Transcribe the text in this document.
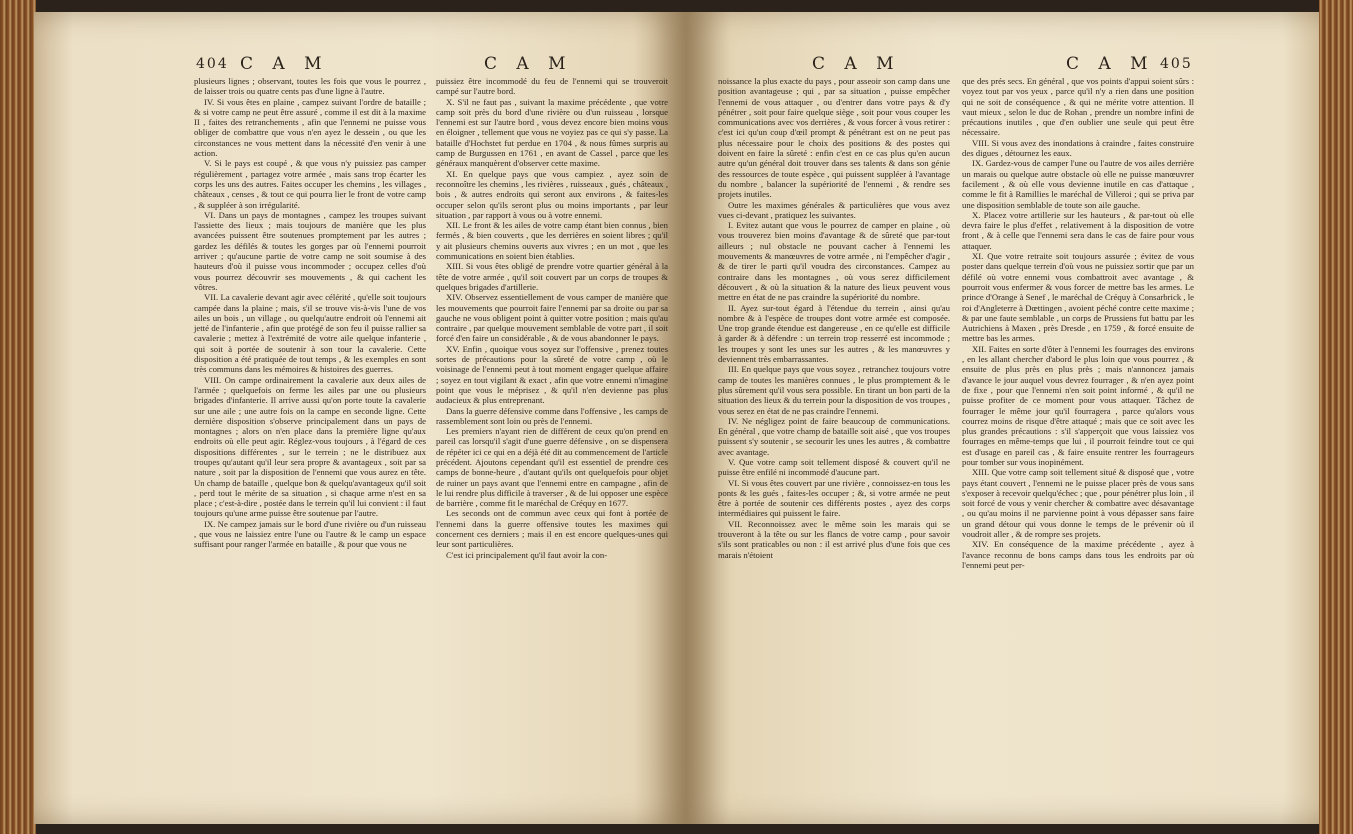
404 C A M	C A M

plusieurs lignes ; observant, toutes les fois que vous le pourrez , de laisser trois ou quatre cents pas d'une ligne à l'autre.

IV. Si vous êtes en plaine , campez suivant l'ordre de bataille ; & si votre camp ne peut être assuré , comme il est dit à la maxime II , faites des retranchements , afin que l'ennemi ne puisse vous obliger de combattre que vous n'en ayez le dessein , ou que les circonstances ne vous mettent dans la nécessité d'en venir à une action.

V. Si le pays est coupé , & que vous n'y puissiez pas camper régulièrement , partagez votre armée , mais sans trop écarter les corps les uns des autres. Faites occuper les chemins , les villages , châteaux , censes , & tout ce qui pourra lier le front de votre camp , & suppléer à son irrégularité.

VI. Dans un pays de montagnes , campez les troupes suivant l'assiette des lieux ; mais toujours de manière que les plus avancées puissent être soutenues promptement par les autres ; gardez les défilés & toutes les gorges par où l'ennemi pourroit arriver ; qu'aucune partie de votre camp ne soit soumise à des hauteurs d'où il puisse vous incommoder ; occupez celles d'où vous pourrez découvrir ses mouvements , & qui cachent les vôtres.

VII. La cavalerie devant agir avec célérité , qu'elle soit toujours campée dans la plaine ; mais, s'il se trouve vis-à-vis l'une de vos ailes un bois , un village , ou quelqu'autre endroit où l'ennemi ait jetté de l'infanterie , afin que protégé de son feu il puisse rallier sa cavalerie ; mettez à l'extrémité de votre aile quelque infanterie , qui soit à portée de soutenir à son tour la cavalerie. Cette disposition a été pratiquée de tout temps , & les exemples en sont très communs dans les mémoires & histoires des guerres.

VIII. On campe ordinairement la cavalerie aux deux ailes de l'armée ; quelquefois on ferme les ailes par une ou plusieurs brigades d'infanterie. Il arrive aussi qu'on porte toute la cavalerie sur une aile ; une autre fois on la campe en seconde ligne. Cette dernière disposition s'observe principalement dans un pays de montagnes ; alors on n'en place dans la première ligne qu'aux endroits où elle peut agir. Réglez-vous toujours , à l'égard de ces dispositions différentes , sur le terrein ; ne le distribuez aux troupes qu'autant qu'il leur sera propre & avantageux , soit par sa nature , soit par la disposition de l'ennemi que vous aurez en tête. Un champ de bataille , quelque bon & quelqu'avantageux qu'il soit , perd tout le mérite de sa situation , si chaque arme n'est en sa place ; c'est-à-dire , postée dans le terrein qu'il lui convient : il faut toujours qu'une arme puisse être soutenue par l'autre.

IX. Ne campez jamais sur le bord d'une rivière ou d'un ruisseau , que vous ne laissiez entre l'une ou l'autre & le camp un espace suffisant pour ranger l'armée en bataille , & pour que vous ne

puissiez être incommodé du feu de l'ennemi qui se trouveroit campé sur l'autre bord.

X. S'il ne faut pas , suivant la maxime précédente , que votre camp soit près du bord d'une rivière ou d'un ruisseau , lorsque l'ennemi est sur l'autre bord , vous devez encore bien moins vous en éloigner , tellement que vous ne voyiez pas ce qui s'y passe. La bataille d'Hochstet fut perdue en 1704 , & nous fûmes surpris au camp de Burgussen en 1761 , en avant de Cassel , parce que les généraux manquèrent d'observer cette maxime.

XI. En quelque pays que vous campiez , ayez soin de reconnoître les chemins , les rivières , ruisseaux , gués , châteaux , bois , & autres endroits qui seront aux environs , & faites-les occuper selon qu'ils seront plus ou moins importants , par leur situation , par rapport à vous ou à votre ennemi.

XII. Le front & les ailes de votre camp étant bien connus , bien fermés , & bien couverts , que les derrières en soient libres ; qu'il y ait plusieurs chemins ouverts aux vivres ; en un mot , que les communications en soient bien établies.

XIII. Si vous êtes obligé de prendre votre quartier général à la tête de votre armée , qu'il soit couvert par un corps de troupes & quelques brigades d'artillerie.

XIV. Observez essentiellement de vous camper de manière que les mouvements que pourroit faire l'ennemi par sa droite ou par sa gauche ne vous obligent point à quitter votre position ; mais qu'au contraire , par quelque mouvement semblable de votre part , il soit forcé d'en faire un considérable , & de vous abandonner le pays.

XV. Enfin , quoique vous soyez sur l'offensive , prenez toutes sortes de précautions pour la sûreté de votre camp , où le voisinage de l'ennemi peut à tout moment engager quelque affaire ; soyez en tout vigilant & exact , afin que votre ennemi n'imagine point que vous le méprisez , & qu'il n'en devienne pas plus audacieux & plus entreprenant.

Dans la guerre défensive comme dans l'offensive , les camps de rassemblement sont loin ou près de l'ennemi.

Les premiers n'ayant rien de différent de ceux qu'on prend en pareil cas lorsqu'il s'agit d'une guerre défensive , on se dispensera de répéter ici ce qui en a déjà été dit au commencement de l'article précédent. Ajoutons cependant qu'il est essentiel de prendre ces camps de bonne-heure , d'autant qu'ils ont quelquefois pour objet de ruiner un pays avant que l'ennemi entre en campagne , afin de le lui rendre plus difficile à traverser , & de lui opposer une espèce de barrière , comme fit le maréchal de Créquy en 1677.

Les seconds ont de commun avec ceux qui font à portée de l'ennemi dans la guerre offensive toutes les maximes qui concernent ces derniers ; mais il en est encore quelques-unes qui leur sont particulières.

C'est ici principalement qu'il faut avoir la con-

C A M	C A M 405

noissance la plus exacte du pays , pour asseoir son camp dans une position avantageuse ; qui , par sa situation , puisse empêcher l'ennemi de vous attaquer , ou d'entrer dans votre pays & d'y pénétrer , soit pour faire quelque siège , soit pour vous couper les communications avec vos derrières , & vous forcer à vous retirer : c'est ici qu'un coup d'œil prompt & pénétrant est on ne peut pas plus nécessaire pour le choix des positions & des postes qui doivent en faire la sûreté : enfin c'est en ce cas plus qu'en aucun autre qu'un général doit trouver dans ses talents & dans son génie des ressources de toute espèce , qui puissent suppléer à l'avantage du nombre , balancer la supériorité de l'ennemi , & rendre ses projets inutiles.

Outre les maximes générales & particulières que vous avez vues ci-devant , pratiquez les suivantes.

I. Evitez autant que vous le pourrez de camper en plaine , où vous trouverez bien moins d'avantage & de sûreté que par-tout ailleurs ; nul obstacle ne pouvant cacher à l'ennemi les mouvements & manœuvres de votre armée , ni l'empêcher d'agir , & de tirer le parti qu'il voudra des circonstances. Campez au contraire dans les montagnes , où vous serez difficilement découvert , & où la situation & la nature des lieux peuvent vous mettre en état de ne pas craindre la supériorité du nombre.

II. Ayez sur-tout égard à l'étendue du terrein , ainsi qu'au nombre & à l'espèce de troupes dont votre armée est composée. Une trop grande étendue est dangereuse , en ce qu'elle est difficile à garder & à défendre : un terrein trop resserré est incommode ; les troupes y sont les unes sur les autres , & les manœuvres y deviennent très embarrassantes.

III. En quelque pays que vous soyez , retranchez toujours votre camp de toutes les manières connues , le plus promptement & le plus sûrement qu'il vous sera possible. En tirant un bon parti de la situation des lieux & du terrein pour la disposition de vos troupes , vous serez en état de ne pas craindre l'ennemi.

IV. Ne négligez point de faire beaucoup de communications. En général , que votre champ de bataille soit aisé , que vos troupes puissent s'y soutenir , se secourir les unes les autres , & combattre avec avantage.

V. Que votre camp soit tellement disposé & couvert qu'il ne puisse être enfilé ni incommodé d'aucune part.

VI. Si vous êtes couvert par une rivière , connoissez-en tous les ponts & les gués , faites-les occuper ; &, si votre armée ne peut être à portée de soutenir ces différents postes , ayez des corps intermédiaires qui puissent le faire.

VII. Reconnoissez avec le même soin les marais qui se trouveront à la tête ou sur les flancs de votre camp , pour savoir s'ils sont praticables ou non : il est arrivé plus d'une fois que ces marais n'étoient

que des prés secs. En général , que vos points d'appui soient sûrs : voyez tout par vos yeux , parce qu'il n'y a rien dans une position qui ne soit de conséquence , & qui ne mérite votre attention. Il vaut mieux , selon le duc de Rohan , prendre un nombre infini de précautions inutiles , que d'en oublier une seule qui peut être nécessaire.

VIII. Si vous avez des inondations à craindre , faites construire des digues , détournez les eaux.

IX. Gardez-vous de camper l'une ou l'autre de vos ailes derrière un marais ou quelque autre obstacle où elle ne puisse manœuvrer facilement , & où elle vous devienne inutile en cas d'attaque , comme le fit à Ramillies le maréchal de Villeroi ; qui se priva par une disposition semblable de toute son aile gauche.

X. Placez votre artillerie sur les hauteurs , & par-tout où elle devra faire le plus d'effet , relativement à la disposition de votre front , & à celle que l'ennemi sera dans le cas de faire pour vous attaquer.

XI. Que votre retraite soit toujours assurée ; évitez de vous poster dans quelque terrein d'où vous ne puissiez sortir que par un défilé où votre ennemi vous combattroit avec avantage , & pourroit vous enfermer & vous forcer de mettre bas les armes. Le prince d'Orange à Senef , le maréchal de Créquy à Consarbrick , le roi d'Angleterre à Dœttingen , avoient péché contre cette maxime ; & par une faute semblable , un corps de Prussiens fut battu par les Autrichiens à Maxen , près Dresde , en 1759 , & forcé ensuite de mettre bas les armes.

XII. Faites en sorte d'ôter à l'ennemi les fourrages des environs , en les allant chercher d'abord le plus loin que vous pourrez , & ensuite de plus près en plus près ; mais n'annoncez jamais d'avance le jour auquel vous devrez fourrager , & n'en ayez point de fixe , pour que l'ennemi n'en soit point informé , & qu'il ne puisse profiter de ce moment pour vous attaquer. Tâchez de fourrager le même jour qu'il fourragera , parce qu'alors vous courrez moins de risque d'être attaqué ; mais que ce soit avec les plus grandes précautions : s'il s'apperçoit que vous laissiez vos fourrages en même-temps que lui , il pourroit feindre tout ce qui est d'usage en pareil cas , & faire ensuite rentrer les fourrageurs pour tomber sur vous inopinément.

XIII. Que votre camp soit tellement situé & disposé que , votre pays étant couvert , l'ennemi ne le puisse placer près de vous sans s'exposer à recevoir quelqu'échec ; que , pour pénétrer plus loin , il soit forcé de vous y venir chercher & combattre avec désavantage , ou qu'au moins il ne parvienne point à vous dépasser sans faire un grand détour qui vous donne le temps de le prévenir où il voudroit aller , & de rompre ses projets.

XIV. En conséquence de la maxime précédente , ayez à l'avance reconnu de bons camps dans tous les endroits par où l'ennemi peut per-
